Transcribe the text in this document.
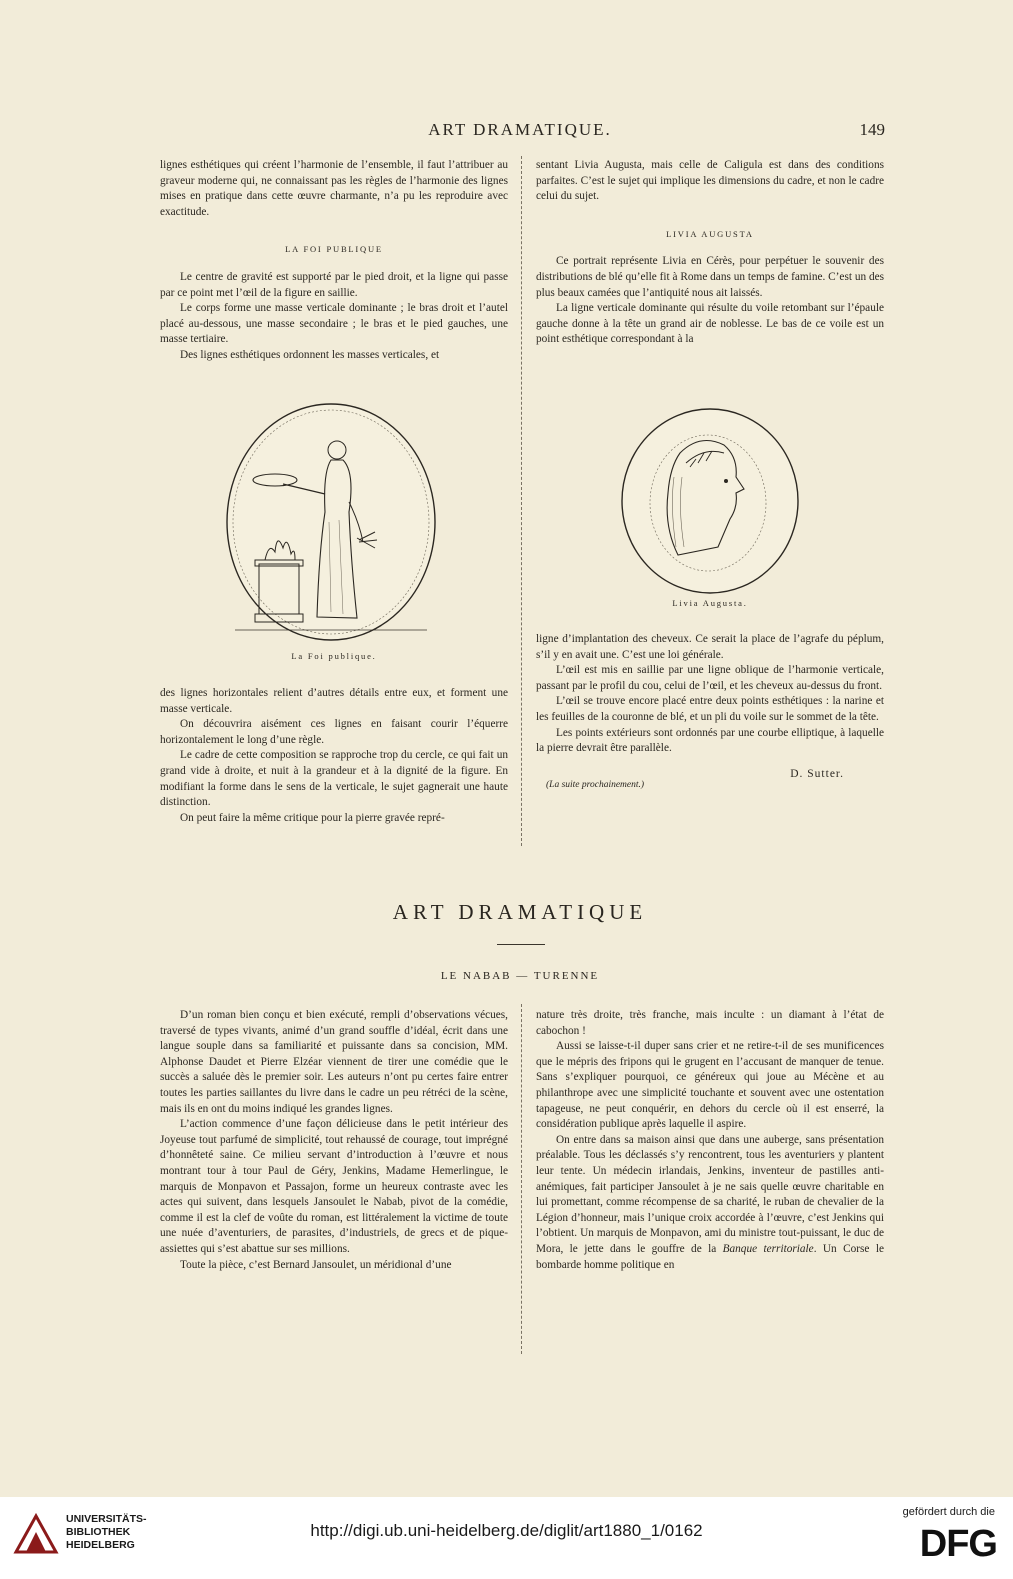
ART DRAMATIQUE.	149

lignes esthétiques qui créent l’harmonie de l’ensemble, il faut l’attribuer au graveur moderne qui, ne connaissant pas les règles de l’harmonie des lignes mises en pratique dans cette œuvre charmante, n’a pu les reproduire avec exactitude.

LA FOI PUBLIQUE

Le centre de gravité est supporté par le pied droit, et la ligne qui passe par ce point met l’œil de la figure en saillie.

Le corps forme une masse verticale dominante ; le bras droit et l’autel placé au-dessous, une masse secondaire ; le bras et le pied gauches, une masse tertiaire.

Des lignes esthétiques ordonnent les masses verticales, et

La Foi publique.

des lignes horizontales relient d’autres détails entre eux, et forment une masse verticale.

On découvrira aisément ces lignes en faisant courir l’équerre horizontalement le long d’une règle.

Le cadre de cette composition se rapproche trop du cercle, ce qui fait un grand vide à droite, et nuit à la grandeur et à la dignité de la figure. En modifiant la forme dans le sens de la verticale, le sujet gagnerait une haute distinction.

On peut faire la même critique pour la pierre gravée repré-

sentant Livia Augusta, mais celle de Caligula est dans des conditions parfaites. C’est le sujet qui implique les dimensions du cadre, et non le cadre celui du sujet.

LIVIA AUGUSTA

Ce portrait représente Livia en Cérès, pour perpétuer le souvenir des distributions de blé qu’elle fit à Rome dans un temps de famine. C’est un des plus beaux camées que l’antiquité nous ait laissés.

La ligne verticale dominante qui résulte du voile retombant sur l’épaule gauche donne à la tête un grand air de noblesse. Le bas de ce voile est un point esthétique correspondant à la

Livia Augusta.

ligne d’implantation des cheveux. Ce serait la place de l’agrafe du péplum, s’il y en avait une. C’est une loi générale.

L’œil est mis en saillie par une ligne oblique de l’harmonie verticale, passant par le profil du cou, celui de l’œil, et les cheveux au-dessus du front.

L’œil se trouve encore placé entre deux points esthétiques : la narine et les feuilles de la couronne de blé, et un pli du voile sur le sommet de la tête.

Les points extérieurs sont ordonnés par une courbe elliptique, à laquelle la pierre devrait être parallèle.

D. Sutter.

(La suite prochainement.)

ART DRAMATIQUE
LE NABAB — TURENNE

D’un roman bien conçu et bien exécuté, rempli d’observations vécues, traversé de types vivants, animé d’un grand souffle d’idéal, écrit dans une langue souple dans sa familiarité et puissante dans sa concision, MM. Alphonse Daudet et Pierre Elzéar viennent de tirer une comédie que le succès a saluée dès le premier soir. Les auteurs n’ont pu certes faire entrer toutes les parties saillantes du livre dans le cadre un peu rétréci de la scène, mais ils en ont du moins indiqué les grandes lignes.

L’action commence d’une façon délicieuse dans le petit intérieur des Joyeuse tout parfumé de simplicité, tout rehaussé de courage, tout imprégné d’honnêteté saine. Ce milieu servant d’introduction à l’œuvre et nous montrant tour à tour Paul de Géry, Jenkins, Madame Hemerlingue, le marquis de Monpavon et Passajon, forme un heureux contraste avec les actes qui suivent, dans lesquels Jansoulet le Nabab, pivot de la comédie, comme il est la clef de voûte du roman, est littéralement la victime de toute une nuée d’aventuriers, de parasites, d’industriels, de grecs et de pique-assiettes qui s’est abattue sur ses millions.

Toute la pièce, c’est Bernard Jansoulet, un méridional d’une

nature très droite, très franche, mais inculte : un diamant à l’état de cabochon !

Aussi se laisse-t-il duper sans crier et ne retire-t-il de ses munificences que le mépris des fripons qui le grugent en l’accusant de manquer de tenue. Sans s’expliquer pourquoi, ce généreux qui joue au Mécène et au philanthrope avec une simplicité touchante et souvent avec une ostentation tapageuse, ne peut conquérir, en dehors du cercle où il est enserré, la considération publique après laquelle il aspire.

On entre dans sa maison ainsi que dans une auberge, sans présentation préalable. Tous les déclassés s’y rencontrent, tous les aventuriers y plantent leur tente. Un médecin irlandais, Jenkins, inventeur de pastilles anti-anémiques, fait participer Jansoulet à je ne sais quelle œuvre charitable en lui promettant, comme récompense de sa charité, le ruban de chevalier de la Légion d’honneur, mais l’unique croix accordée à l’œuvre, c’est Jenkins qui l’obtient. Un marquis de Monpavon, ami du ministre tout-puissant, le duc de Mora, le jette dans le gouffre de la Banque territoriale. Un Corse le bombarde homme politique en

UNIVERSITÄTS-
BIBLIOTHEK
HEIDELBERG
http://digi.ub.uni-heidelberg.de/diglit/art1880_1/0162
gefördert durch die
DFG
